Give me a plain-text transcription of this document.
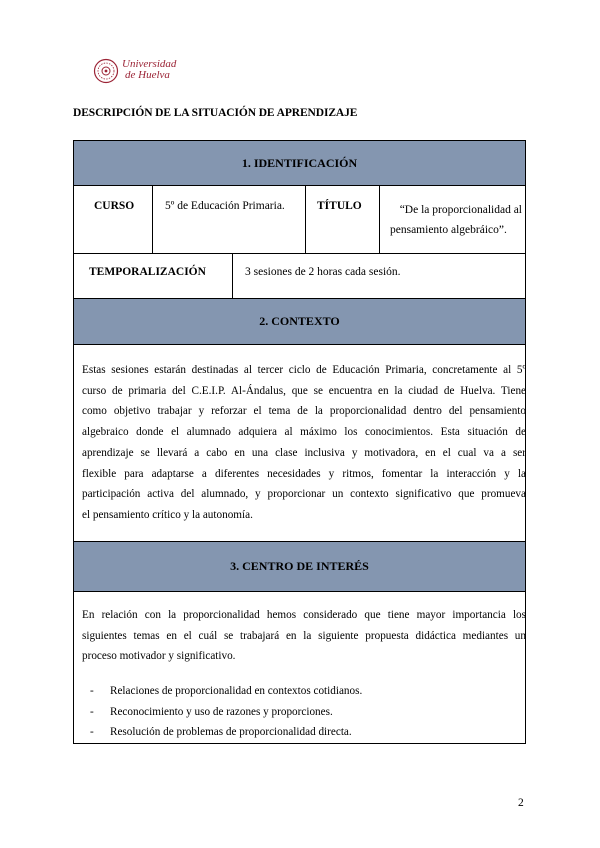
Universidad
de Huelva
DESCRIPCIÓN DE LA SITUACIÓN DE APRENDIZAJE
1. IDENTIFICACIÓN
CURSO	5º de Educación Primaria.	TÍTULO	“De la proporcionalidad al
pensamiento algebráico”.
TEMPORALIZACIÓN	3 sesiones de 2 horas cada sesión.
2. CONTEXTO
Estas sesiones estarán destinadas al tercer ciclo de Educación Primaria, concretamente al 5º
curso de primaria del C.E.I.P. Al-Ándalus, que se encuentra en la ciudad de Huelva. Tiene
como objetivo trabajar y reforzar el tema de la proporcionalidad dentro del pensamiento
algebraico donde el alumnado adquiera al máximo los conocimientos. Esta situación de
aprendizaje se llevará a cabo en una clase inclusiva y motivadora, en el cual va a ser
flexible para adaptarse a diferentes necesidades y ritmos, fomentar la interacción y la
participación activa del alumnado, y proporcionar un contexto significativo que promueva
el pensamiento crítico y la autonomía.
3. CENTRO DE INTERÉS
En relación con la proporcionalidad hemos considerado que tiene mayor importancia los
siguientes temas en el cuál se trabajará en la siguiente propuesta didáctica mediantes un
proceso motivador y significativo.
- Relaciones de proporcionalidad en contextos cotidianos.
- Reconocimiento y uso de razones y proporciones.
- Resolución de problemas de proporcionalidad directa.
2
